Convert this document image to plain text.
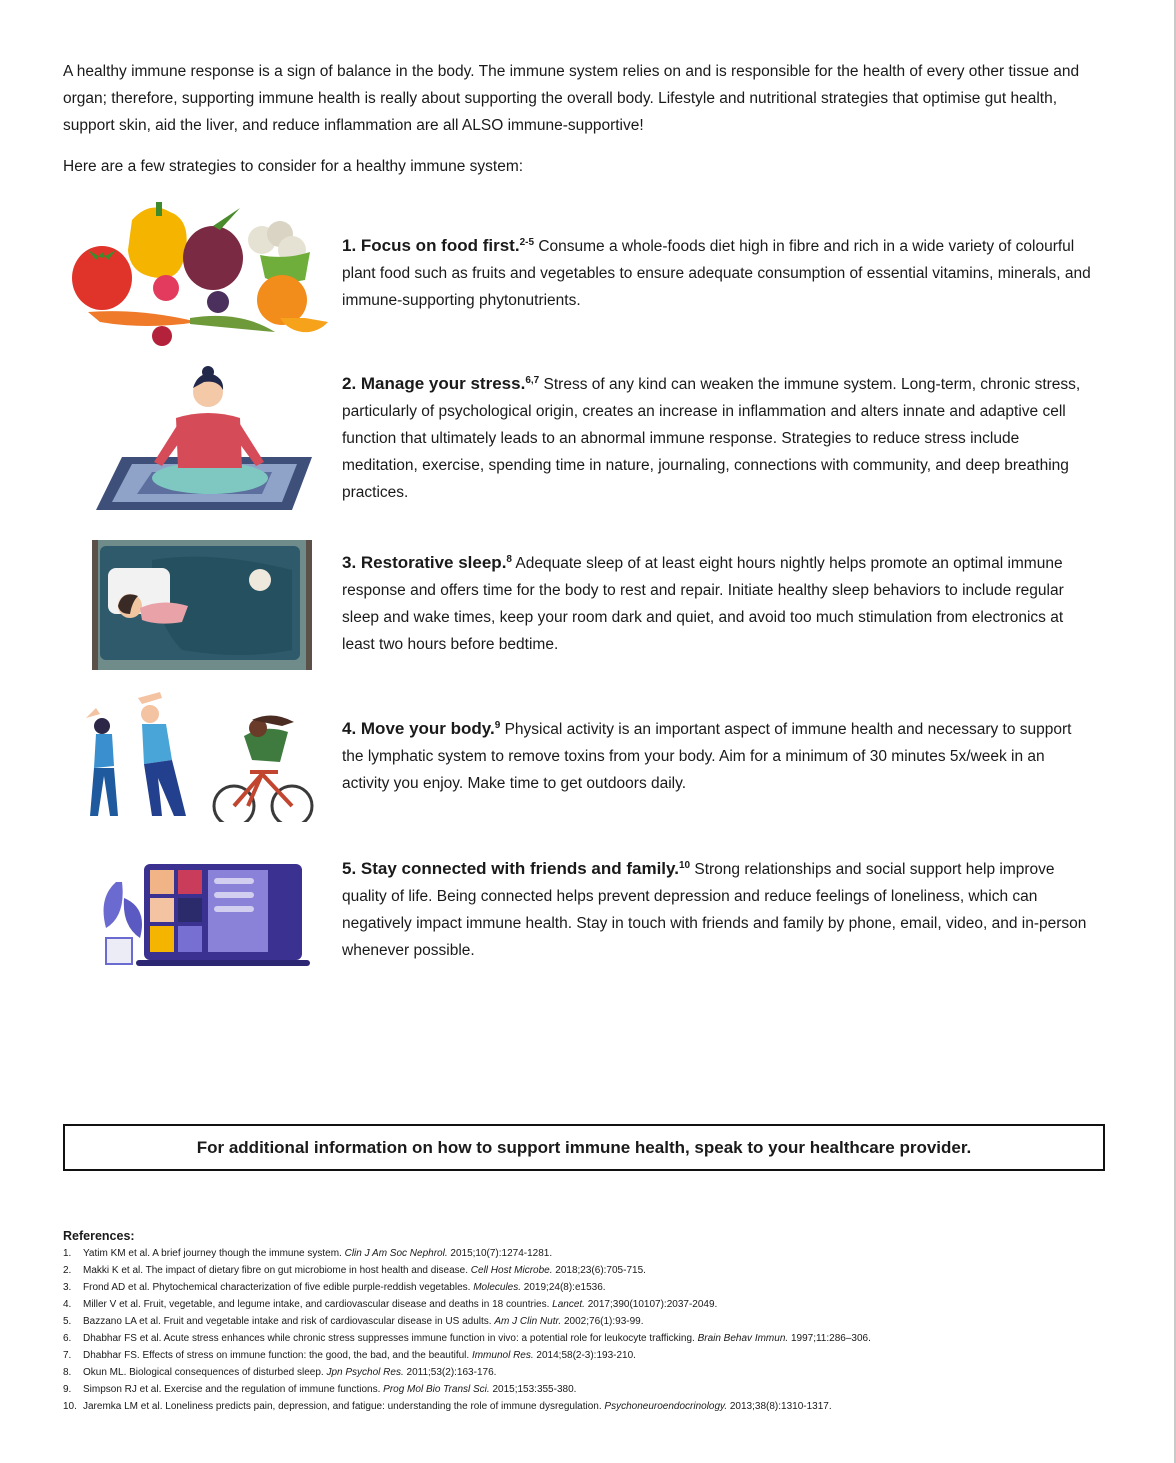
A healthy immune response is a sign of balance in the body. The immune system relies on and is responsible for the health of every other tissue and organ; therefore, supporting immune health is really about supporting the overall body. Lifestyle and nutritional strategies that optimise gut health, support skin, aid the liver, and reduce inflammation are all ALSO immune-supportive!

Here are a few strategies to consider for a healthy immune system:

1. Focus on food first.$^{2-5}$ Consume a whole-foods diet high in fibre and rich in a wide variety of colourful plant food such as fruits and vegetables to ensure adequate consumption of essential vitamins, minerals, and immune-supporting phytonutrients.

2. Manage your stress.$^{6,7}$ Stress of any kind can weaken the immune system. Long-term, chronic stress, particularly of psychological origin, creates an increase in inflammation and alters innate and adaptive cell function that ultimately leads to an abnormal immune response. Strategies to reduce stress include meditation, exercise, spending time in nature, journaling, connections with community, and deep breathing practices.

3. Restorative sleep.$^8$ Adequate sleep of at least eight hours nightly helps promote an optimal immune response and offers time for the body to rest and repair. Initiate healthy sleep behaviors to include regular sleep and wake times, keep your room dark and quiet, and avoid too much stimulation from electronics at least two hours before bedtime.

4. Move your body.$^9$ Physical activity is an important aspect of immune health and necessary to support the lymphatic system to remove toxins from your body. Aim for a minimum of 30 minutes 5x/week in an activity you enjoy. Make time to get outdoors daily.

5. Stay connected with friends and family.$^{10}$ Strong relationships and social support help improve quality of life. Being connected helps prevent depression and reduce feelings of loneliness, which can negatively impact immune health. Stay in touch with friends and family by phone, email, video, and in-person whenever possible.

For additional information on how to support immune health, speak to your healthcare provider.
References:
1.	Yatim KM et al. A brief journey though the immune system. Clin J Am Soc Nephrol. 2015;10(7):1274-1281.
2.	Makki K et al. The impact of dietary fibre on gut microbiome in host health and disease. Cell Host Microbe. 2018;23(6):705-715.
3.	Frond AD et al. Phytochemical characterization of five edible purple-reddish vegetables. Molecules. 2019;24(8):e1536.
4.	Miller V et al. Fruit, vegetable, and legume intake, and cardiovascular disease and deaths in 18 countries. Lancet. 2017;390(10107):2037-2049.
5.	Bazzano LA et al. Fruit and vegetable intake and risk of cardiovascular disease in US adults. Am J Clin Nutr. 2002;76(1):93-99.
6.	Dhabhar FS et al. Acute stress enhances while chronic stress suppresses immune function in vivo: a potential role for leukocyte trafficking. Brain Behav Immun. 1997;11:286–306.
7.	Dhabhar FS. Effects of stress on immune function: the good, the bad, and the beautiful. Immunol Res. 2014;58(2-3):193-210.
8.	Okun ML. Biological consequences of disturbed sleep. Jpn Psychol Res. 2011;53(2):163-176.
9.	Simpson RJ et al. Exercise and the regulation of immune functions. Prog Mol Bio Transl Sci. 2015;153:355-380.
10. Jaremka LM et al. Loneliness predicts pain, depression, and fatigue: understanding the role of immune dysregulation. Psychoneuroendocrinology. 2013;38(8):1310-1317.
